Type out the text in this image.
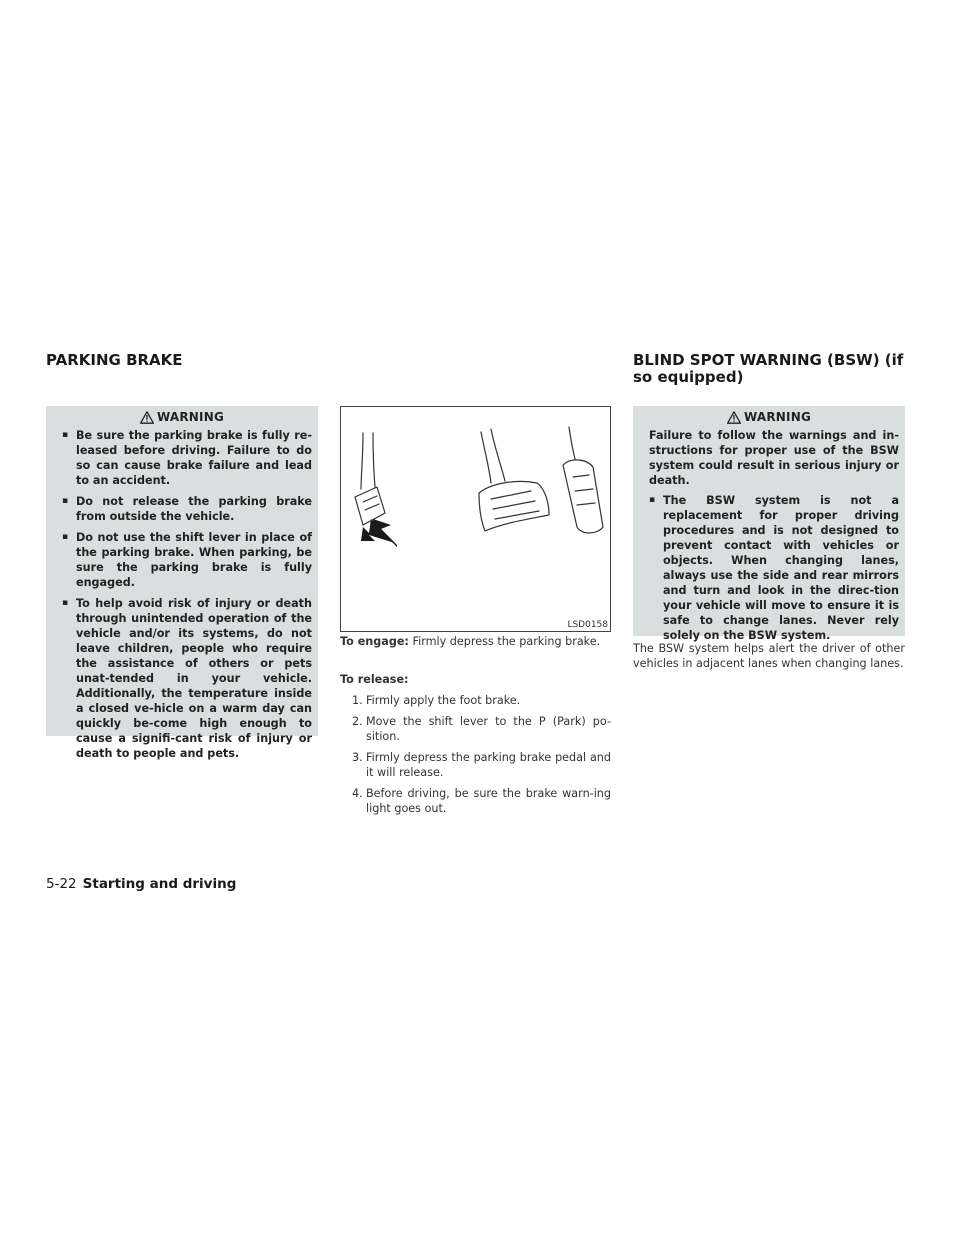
PARKING BRAKE
WARNING
▪ Be sure the parking brake is fully re-leased before driving. Failure to do so can cause brake failure and lead to an accident.
▪ Do not release the parking brake from outside the vehicle.
▪ Do not use the shift lever in place of the parking brake. When parking, be sure the parking brake is fully engaged.
▪ To help avoid risk of injury or death through unintended operation of the vehicle and/or its systems, do not leave children, people who require the assistance of others or pets unat-tended in your vehicle. Additionally, the temperature inside a closed ve-hicle on a warm day can quickly be-come high enough to cause a signifi-cant risk of injury or death to people and pets.
LSD0158

To engage: Firmly depress the parking brake.

To release:
1. Firmly apply the foot brake.
2. Move the shift lever to the P (Park) po-sition.
3. Firmly depress the parking brake pedal and it will release.
4. Before driving, be sure the brake warn-ing light goes out.
BLIND SPOT WARNING (BSW) (if so equipped)
WARNING

Failure to follow the warnings and in-structions for proper use of the BSW system could result in serious injury or death.

▪ The BSW system is not a replacement for proper driving procedures and is not designed to prevent contact with vehicles or objects. When changing lanes, always use the side and rear mirrors and turn and look in the direc-tion your vehicle will move to ensure it is safe to change lanes. Never rely solely on the BSW system.

The BSW system helps alert the driver of other vehicles in adjacent lanes when changing lanes.

5-22 Starting and driving
